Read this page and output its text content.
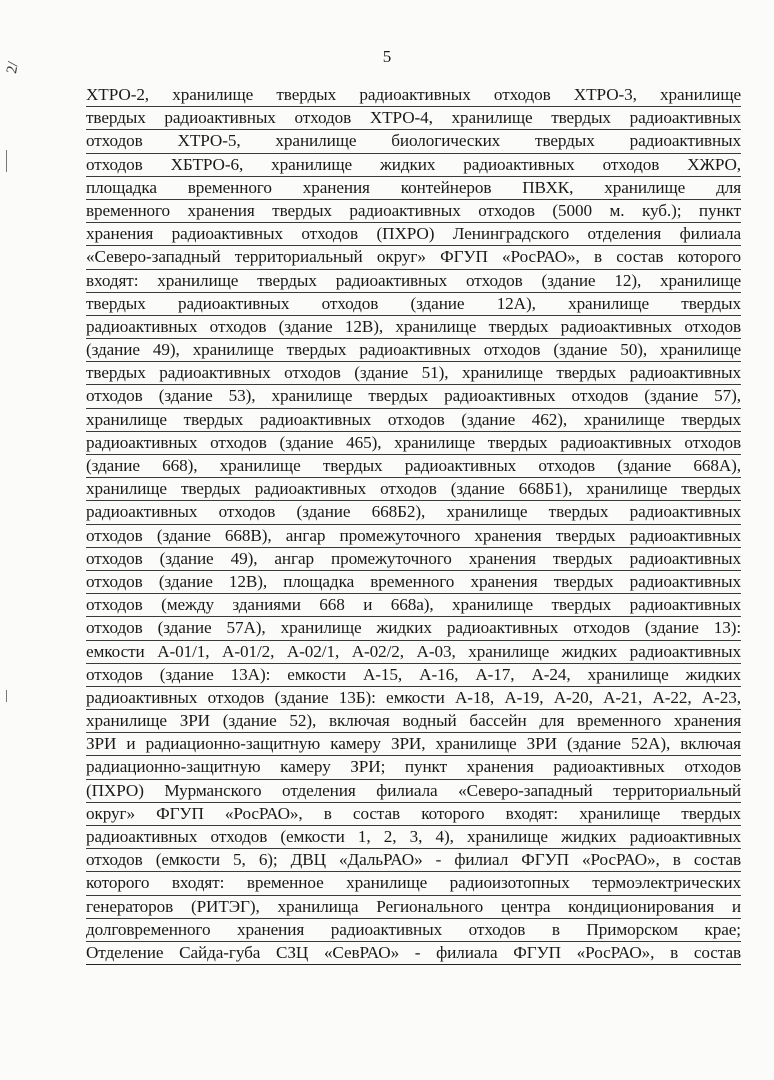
5
2/
ХТРО-2, хранилище твердых радиоактивных отходов ХТРО-3, хранилище
твердых радиоактивных отходов ХТРО-4, хранилище твердых радиоактивных
отходов ХТРО-5, хранилище биологических твердых радиоактивных
отходов ХБТРО-6, хранилище жидких радиоактивных отходов ХЖРО,
площадка временного хранения контейнеров ПВХК, хранилище для
временного хранения твердых радиоактивных отходов (5000 м. куб.); пункт
хранения радиоактивных отходов (ПХРО) Ленинградского отделения филиала
«Северо-западный территориальный округ» ФГУП «РосРАО», в состав которого
входят: хранилище твердых радиоактивных отходов (здание 12), хранилище
твердых радиоактивных отходов (здание 12А), хранилище твердых
радиоактивных отходов (здание 12В), хранилище твердых радиоактивных отходов
(здание 49), хранилище твердых радиоактивных отходов (здание 50), хранилище
твердых радиоактивных отходов (здание 51), хранилище твердых радиоактивных
отходов (здание 53), хранилище твердых радиоактивных отходов (здание 57),
хранилище твердых радиоактивных отходов (здание 462), хранилище твердых
радиоактивных отходов (здание 465), хранилище твердых радиоактивных отходов
(здание 668), хранилище твердых радиоактивных отходов (здание 668А),
хранилище твердых радиоактивных отходов (здание 668Б1), хранилище твердых
радиоактивных отходов (здание 668Б2), хранилище твердых радиоактивных
отходов (здание 668В), ангар промежуточного хранения твердых радиоактивных
отходов (здание 49), ангар промежуточного хранения твердых радиоактивных
отходов (здание 12В), площадка временного хранения твердых радиоактивных
отходов (между зданиями 668 и 668а), хранилище твердых радиоактивных
отходов (здание 57А), хранилище жидких радиоактивных отходов (здание 13):
емкости А-01/1, А-01/2, А-02/1, А-02/2, А-03, хранилище жидких радиоактивных
отходов (здание 13А): емкости А-15, А-16, А-17, А-24, хранилище жидких
радиоактивных отходов (здание 13Б): емкости А-18, А-19, А-20, А-21, А-22, А-23,
хранилище ЗРИ (здание 52), включая водный бассейн для временного хранения
ЗРИ и радиационно-защитную камеру ЗРИ, хранилище ЗРИ (здание 52А), включая
радиационно-защитную камеру ЗРИ; пункт хранения радиоактивных отходов
(ПХРО) Мурманского отделения филиала «Северо-западный территориальный
округ» ФГУП «РосРАО», в состав которого входят: хранилище твердых
радиоактивных отходов (емкости 1, 2, 3, 4), хранилище жидких радиоактивных
отходов (емкости 5, 6); ДВЦ «ДальРАО» - филиал ФГУП «РосРАО», в состав
которого входят: временное хранилище радиоизотопных термоэлектрических
генераторов (РИТЭГ), хранилища Регионального центра кондиционирования и
долговременного хранения радиоактивных отходов в Приморском крае;
Отделение Сайда-губа СЗЦ «СевРАО» - филиала ФГУП «РосРАО», в состав
